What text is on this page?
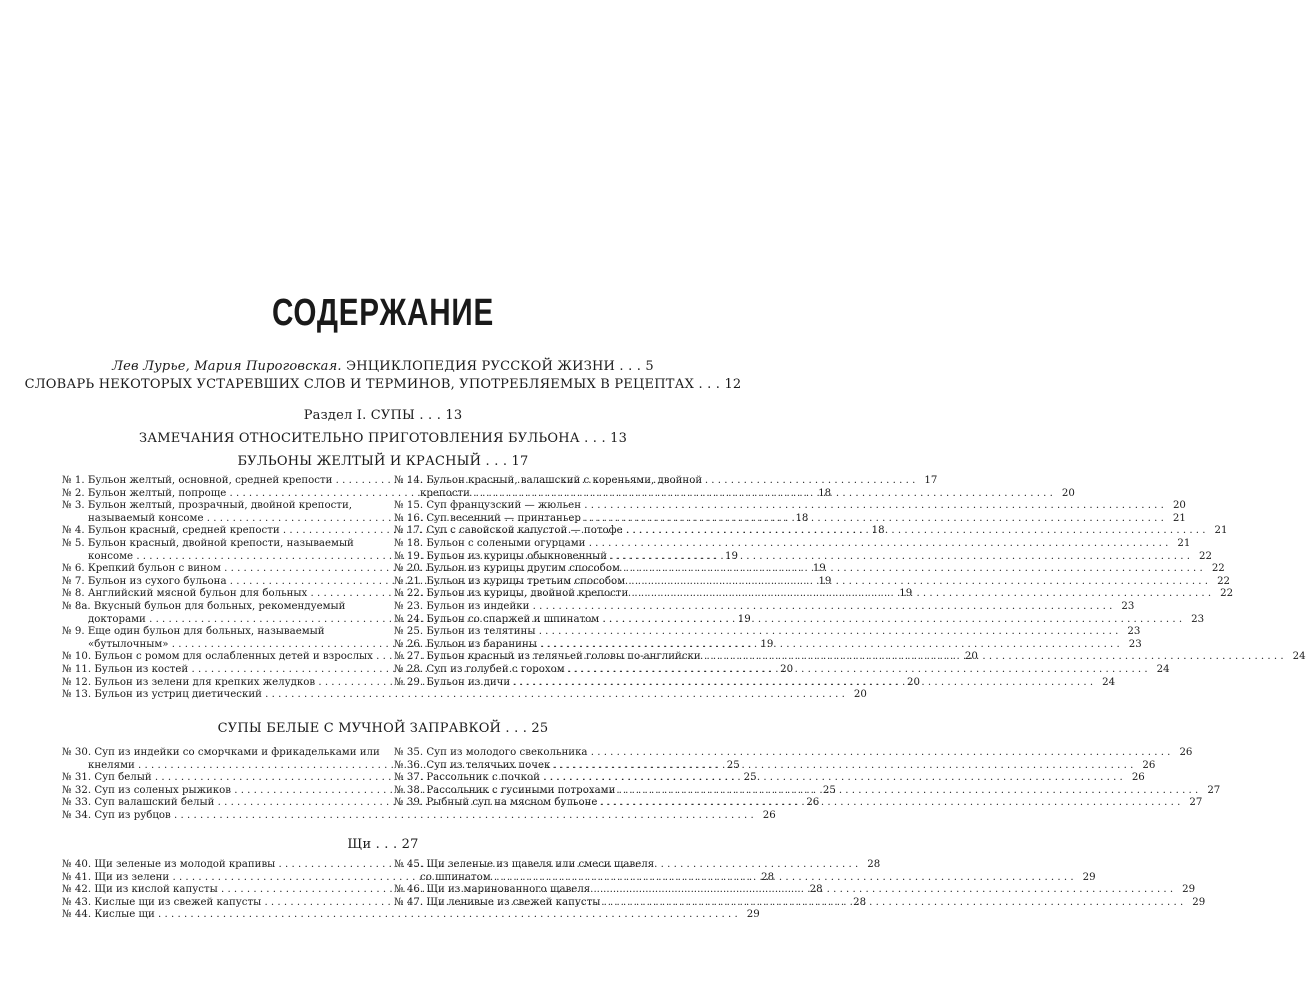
СОДЕРЖАНИЕ
Лев Лурье, Мария Пироговская. ЭНЦИКЛОПЕДИЯ РУССКОЙ ЖИЗНИ . . . 5
СЛОВАРЬ НЕКОТОРЫХ УСТАРЕВШИХ СЛОВ И ТЕРМИНОВ, УПОТРЕБЛЯЕМЫХ В РЕЦЕПТАХ . . . 12
Раздел I. СУПЫ . . . 13
ЗАМЕЧАНИЯ ОТНОСИТЕЛЬНО ПРИГОТОВЛЕНИЯ БУЛЬОНА . . . 13
БУЛЬОНЫ ЖЕЛТЫЙ И КРАСНЫЙ . . . 17
№ 1. Бульон желтый, основной, средней крепости . . .	17
№ 2. Бульон желтый, попроще . . .	18
№ 3. Бульон желтый, прозрачный, двойной крепости,
называемый консоме . . .	18
№ 4. Бульон красный, средней крепости . . .	18
№ 5. Бульон красный, двойной крепости, называемый
консоме . . .	19
№ 6. Крепкий бульон с вином . . .	19
№ 7. Бульон из сухого бульона . . .	19
№ 8. Английский мясной бульон для больных . . .	19
№ 8а. Вкусный бульон для больных, рекомендуемый
докторами . . .	19
№ 9. Еще один бульон для больных, называемый
«бутылочным» . . .	19
№ 10. Бульон с ромом для ослабленных детей и взрослых . . .	20
№ 11. Бульон из костей . . .	20
№ 12. Бульон из зелени для крепких желудков . . .	20
№ 13. Бульон из устриц диетический . . .	20
№ 14. Бульон красный, валашский с кореньями, двойной
крепости . . .	20
№ 15. Суп французский — жюльен . . .	20
№ 16. Суп весенний — принтаньер . . .	21
№ 17. Суп с савойской капустой — потофе . . .	21
№ 18. Бульон с солеными огурцами . . .	21
№ 19. Бульон из курицы обыкновенный . . .	22
№ 20. Бульон из курицы другим способом . . .	22
№ 21. Бульон из курицы третьим способом . . .	22
№ 22. Бульон из курицы, двойной крепости . . .	22
№ 23. Бульон из индейки . . .	23
№ 24. Бульон со спаржей и шпинатом . . .	23
№ 25. Бульон из телятины . . .	23
№ 26. Бульон из баранины . . .	23
№ 27. Бульон красный из телячьей головы по-английски . . .	24
№ 28. Суп из голубей с горохом . . .	24
№ 29. Бульон из дичи . . .	24
СУПЫ БЕЛЫЕ С МУЧНОЙ ЗАПРАВКОЙ . . . 25
№ 30. Суп из индейки со сморчками и фрикадельками или
кнелями . . .	25
№ 31. Суп белый . . .	25
№ 32. Суп из соленых рыжиков . . .	25
№ 33. Суп валашский белый . . .	26
№ 34. Суп из рубцов . . .	26
№ 35. Суп из молодого свекольника . . .	26
№ 36. Суп из телячьих почек . . .	26
№ 37. Рассольник с почкой . . .	26
№ 38. Рассольник с гусиными потрохами . . .	27
№ 39. Рыбный суп на мясном бульоне . . .	27
Щи . . . 27
№ 40. Щи зеленые из молодой крапивы . . .	28
№ 41. Щи из зелени . . .	28
№ 42. Щи из кислой капусты . . .	28
№ 43. Кислые щи из свежей капусты . . .	28
№ 44. Кислые щи . . .	29
№ 45. Щи зеленые из щавеля или смеси щавеля
со шпинатом . . .	29
№ 46. Щи из маринованного щавеля . . .	29
№ 47. Щи ленивые из свежей капусты . . .	29
